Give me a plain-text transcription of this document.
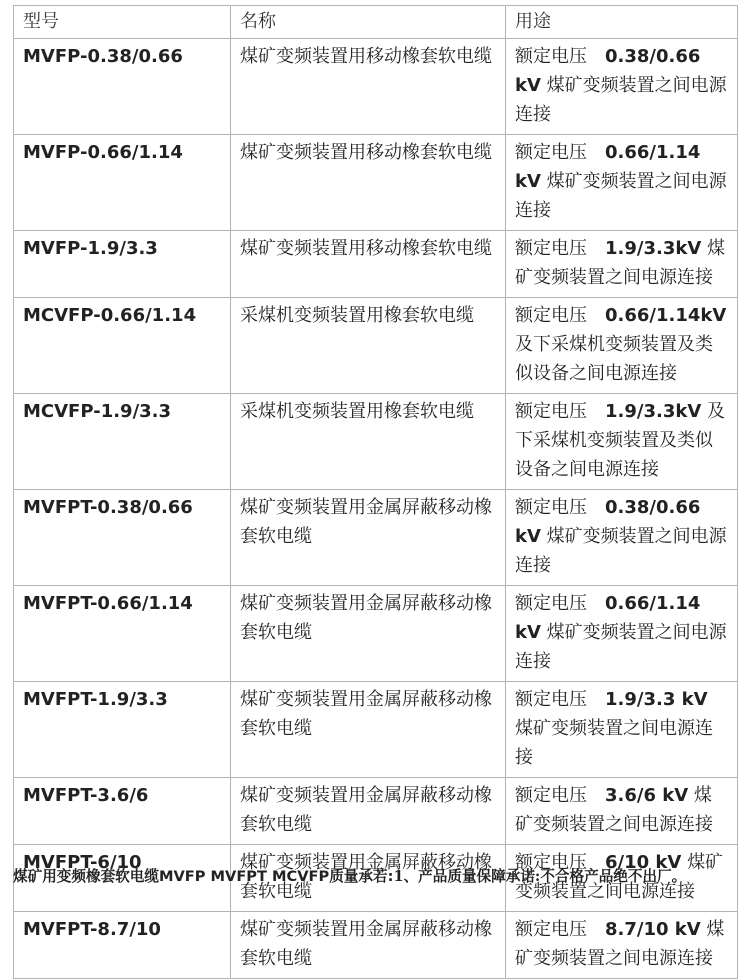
型号	名称	用途
MVFP-0.38/0.66	煤矿变频装置用移动橡套软电缆	额定电压   0.38/0.66 kV 煤矿变频装置之间电源连接
MVFP-0.66/1.14	煤矿变频装置用移动橡套软电缆	额定电压   0.66/1.14 kV 煤矿变频装置之间电源连接
MVFP-1.9/3.3	煤矿变频装置用移动橡套软电缆	额定电压   1.9/3.3kV 煤矿变频装置之间电源连接
MCVFP-0.66/1.14	采煤机变频装置用橡套软电缆	额定电压   0.66/1.14kV 及下采煤机变频装置及类似设备之间电源连接
MCVFP-1.9/3.3	采煤机变频装置用橡套软电缆	额定电压   1.9/3.3kV 及下采煤机变频装置及类似设备之间电源连接
MVFPT-0.38/0.66	煤矿变频装置用金属屏蔽移动橡套软电缆	额定电压   0.38/0.66 kV 煤矿变频装置之间电源连接
MVFPT-0.66/1.14	煤矿变频装置用金属屏蔽移动橡套软电缆	额定电压   0.66/1.14 kV 煤矿变频装置之间电源连接
MVFPT-1.9/3.3	煤矿变频装置用金属屏蔽移动橡套软电缆	额定电压   1.9/3.3 kV 煤矿变频装置之间电源连接
MVFPT-3.6/6	煤矿变频装置用金属屏蔽移动橡套软电缆	额定电压   3.6/6 kV 煤矿变频装置之间电源连接
MVFPT-6/10	煤矿变频装置用金属屏蔽移动橡套软电缆	额定电压   6/10 kV 煤矿变频装置之间电源连接
MVFPT-8.7/10	煤矿变频装置用金属屏蔽移动橡套软电缆	额定电压   8.7/10 kV 煤矿变频装置之间电源连接
煤矿用变频橡套软电缆MVFP MVFPT MCVFP质量承若:1、产品质量保障承诺:不合格产品绝不出厂。
